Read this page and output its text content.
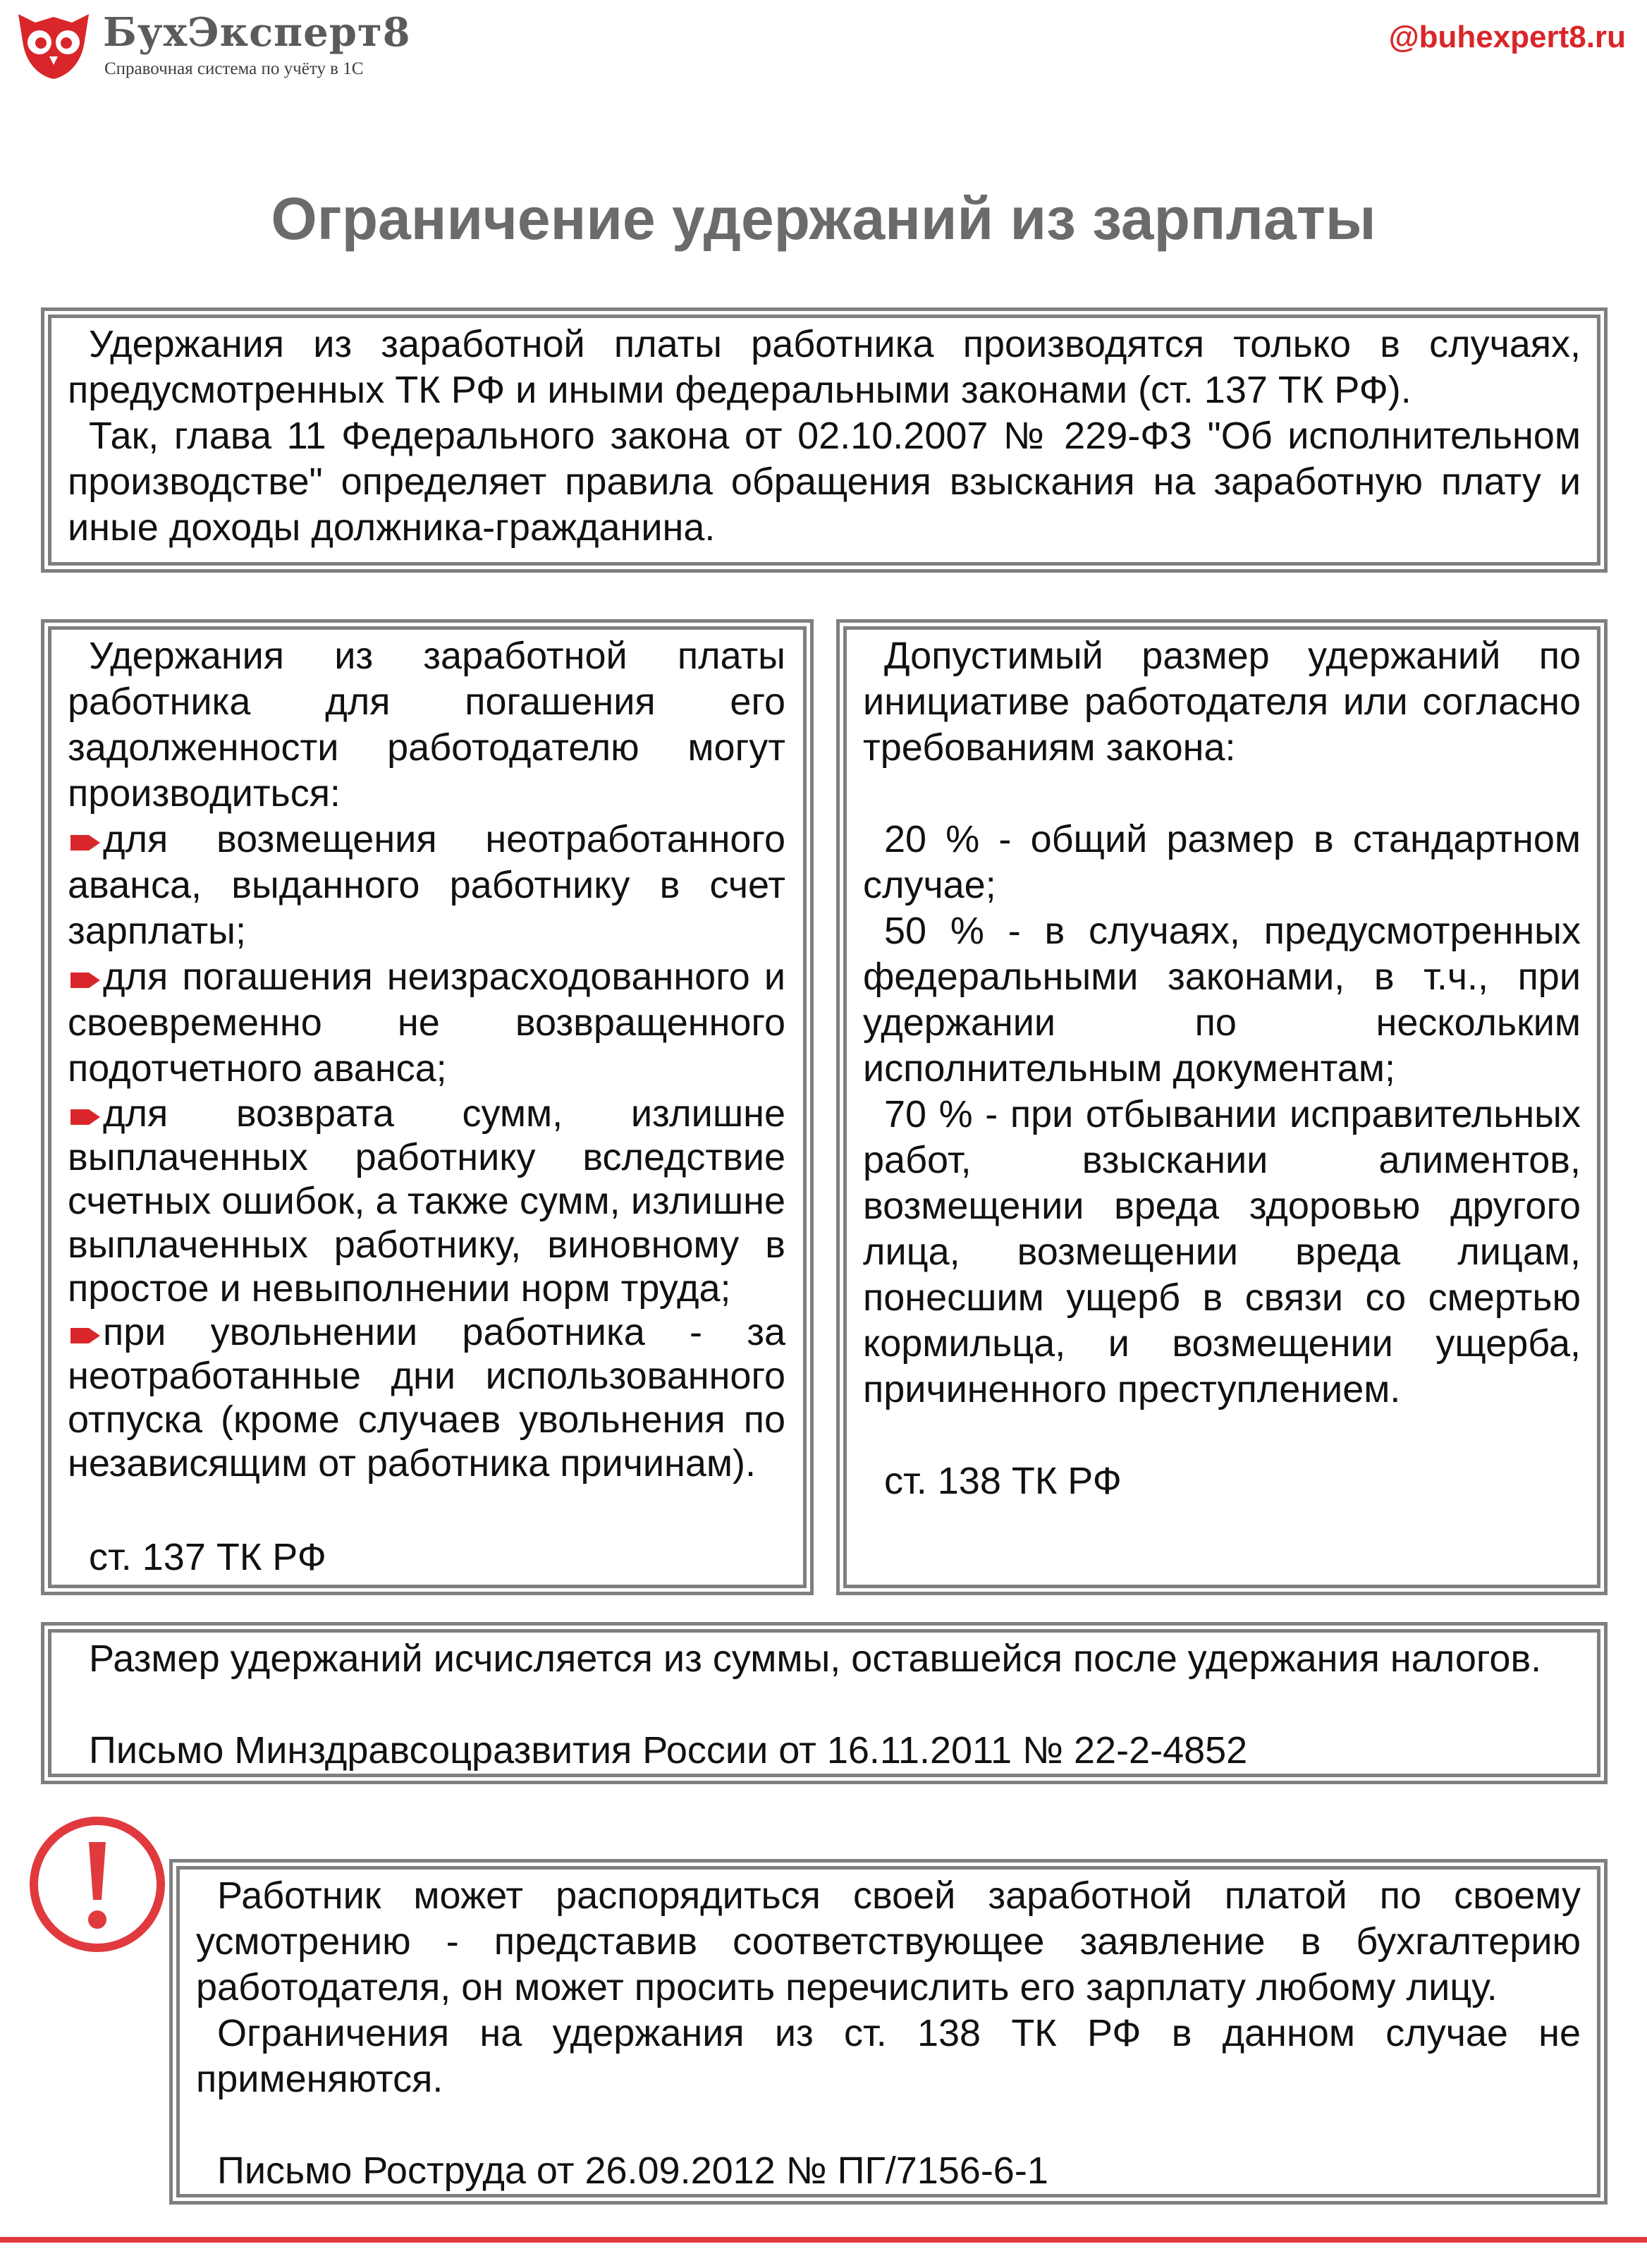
БухЭксперт8
Справочная система по учёту в 1С
@buhexpert8.ru
Ограничение удержаний из зарплаты

Удержания из заработной платы работника производятся только в случаях, предусмотренных ТК РФ и иными федеральными законами (ст. 137 ТК РФ).

Так, глава 11 Федерального закона от 02.10.2007 № 229-ФЗ "Об исполнительном производстве" определяет правила обращения взыскания на заработную плату и иные доходы должника-гражданина.

Удержания из заработной платы работника для погашения его задолженности работодателю могут производиться:

для возмещения неотработанного аванса, выданного работнику в счет зарплаты;

для погашения неизрасходованного и своевременно не возвращенного подотчетного аванса;

для возврата сумм, излишне выплаченных работнику вследствие счетных ошибок, а также сумм, излишне выплаченных работнику, виновному в простое и невыполнении норм труда;

при увольнении работника - за неотработанные дни использованного отпуска (кроме случаев увольнения по независящим от работника причинам).

ст. 137 ТК РФ

Допустимый размер удержаний по инициативе работодателя или согласно требованиям закона:

20 % - общий размер в стандартном случае;

50 % - в случаях, предусмотренных федеральными законами, в т.ч., при удержании по нескольким исполнительным документам;

70 % - при отбывании исправительных работ, взыскании алиментов, возмещении вреда здоровью другого лица, возмещении вреда лицам, понесшим ущерб в связи со смертью кормильца, и возмещении ущерба, причиненного преступлением.

ст. 138 ТК РФ

Размер удержаний исчисляется из суммы, оставшейся после удержания налогов.
Письмо Минздравсоцразвития России от 16.11.2011 № 22-2-4852

Работник может распорядиться своей заработной платой по своему усмотрению - представив соответствующее заявление в бухгалтерию работодателя, он может просить перечислить его зарплату любому лицу.

Ограничения на удержания из ст. 138 ТК РФ в данном случае не применяются.

Письмо Роструда от 26.09.2012 № ПГ/7156-6-1
